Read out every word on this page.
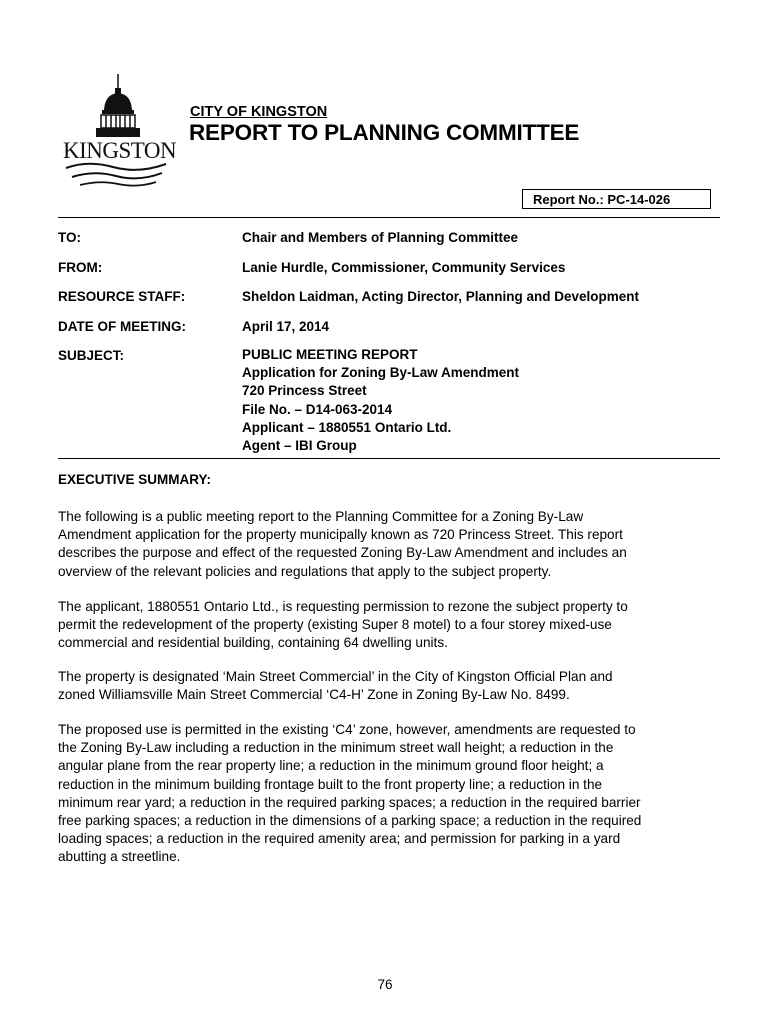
KINGSTON
CITY OF KINGSTON
REPORT TO PLANNING COMMITTEE
Report No.: PC-14-026
TO:	Chair and Members of Planning Committee
FROM:	Lanie Hurdle, Commissioner, Community Services
RESOURCE STAFF:	Sheldon Laidman, Acting Director, Planning and Development
DATE OF MEETING:	April 17, 2014
SUBJECT:	PUBLIC MEETING REPORT
Application for Zoning By-Law Amendment
720 Princess Street
File No. – D14-063-2014
Applicant – 1880551 Ontario Ltd.
Agent – IBI Group
EXECUTIVE SUMMARY:

The following is a public meeting report to the Planning Committee for a Zoning By-Law
Amendment application for the property municipally known as 720 Princess Street. This report
describes the purpose and effect of the requested Zoning By-Law Amendment and includes an
overview of the relevant policies and regulations that apply to the subject property.

The applicant, 1880551 Ontario Ltd., is requesting permission to rezone the subject property to
permit the redevelopment of the property (existing Super 8 motel) to a four storey mixed-use
commercial and residential building, containing 64 dwelling units.

The property is designated ‘Main Street Commercial’ in the City of Kingston Official Plan and
zoned Williamsville Main Street Commercial ‘C4-H’ Zone in Zoning By-Law No. 8499.

The proposed use is permitted in the existing ‘C4’ zone, however, amendments are requested to
the Zoning By-Law including a reduction in the minimum street wall height; a reduction in the
angular plane from the rear property line; a reduction in the minimum ground floor height; a
reduction in the minimum building frontage built to the front property line; a reduction in the
minimum rear yard; a reduction in the required parking spaces; a reduction in the required barrier
free parking spaces; a reduction in the dimensions of a parking space; a reduction in the required
loading spaces; a reduction in the required amenity area; and permission for parking in a yard
abutting a streetline.

76
